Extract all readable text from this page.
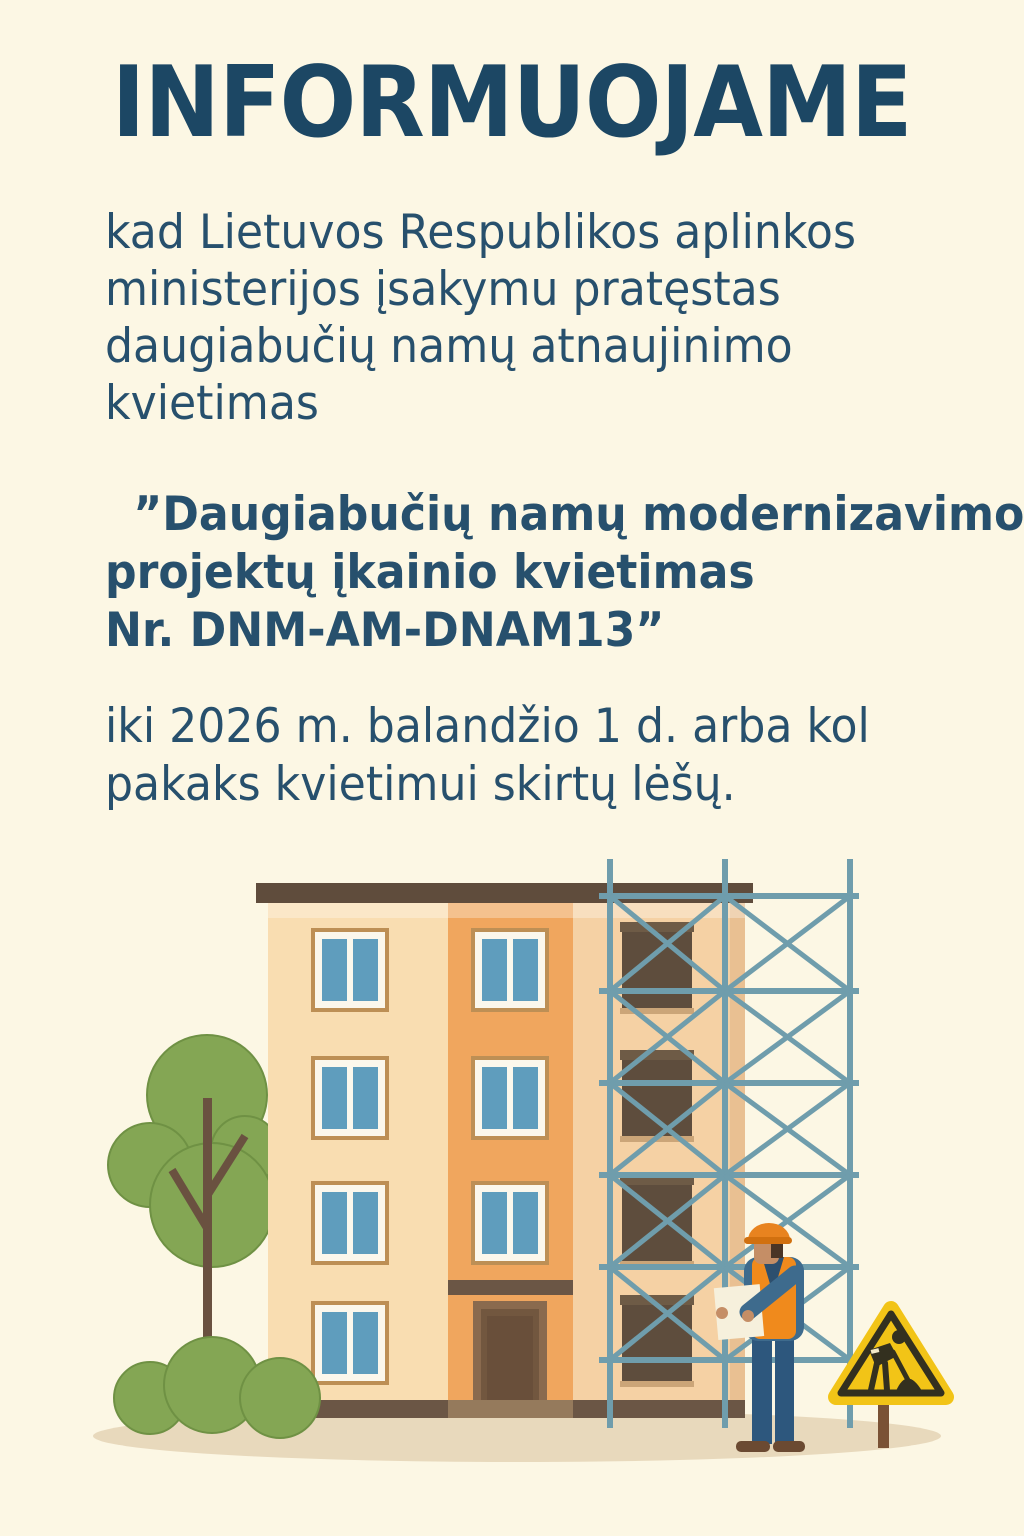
INFORMUOJAME
kad Lietuvos Respublikos aplinkos
ministerijos įsakymu pratęstas
daugiabučių namų atnaujinimo
kvietimas
”Daugiabučių namų modernizavimo
projektų įkainio kvietimas
Nr. DNM-AM-DNAM13”
iki 2026 m. balandžio 1 d. arba kol
pakaks kvietimui skirtų lėšų.
